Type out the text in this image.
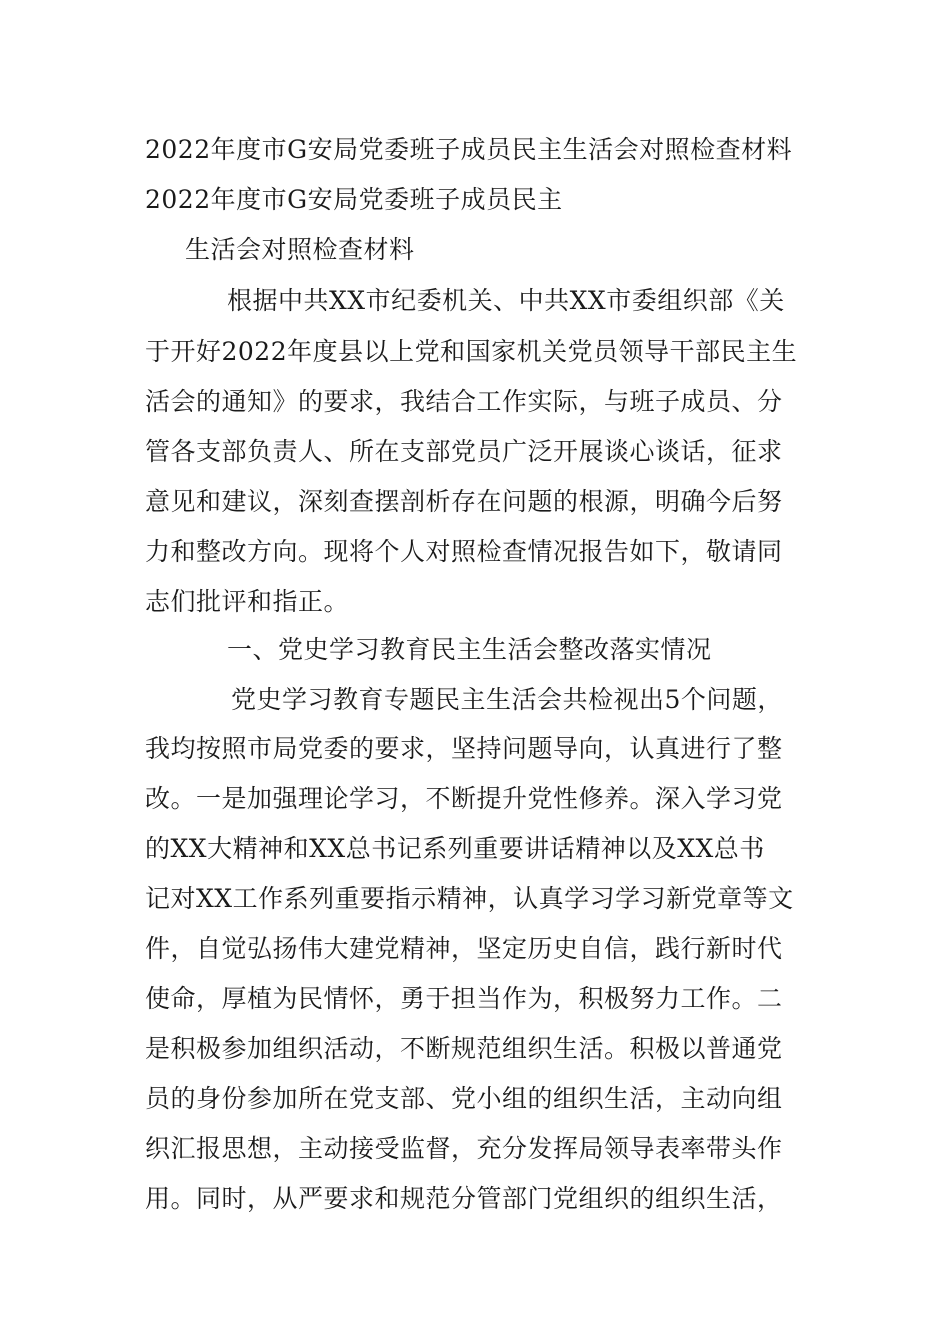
2022年度市G安局党委班子成员民主生活会对照检查材料
2022年度市G安局党委班子成员民主
生活会对照检查材料
根据中共XX市纪委机关、中共XX市委组织部《关
于开好2022年度县以上党和国家机关党员领导干部民主生
活会的通知》的要求，我结合工作实际，与班子成员、分
管各支部负责人、所在支部党员广泛开展谈心谈话，征求
意见和建议，深刻查摆剖析存在问题的根源，明确今后努
力和整改方向。现将个人对照检查情况报告如下，敬请同
志们批评和指正。
一、党史学习教育民主生活会整改落实情况
党史学习教育专题民主生活会共检视出5个问题，
我均按照市局党委的要求，坚持问题导向，认真进行了整
改。一是加强理论学习，不断提升党性修养。深入学习党
的XX大精神和XX总书记系列重要讲话精神以及XX总书
记对XX工作系列重要指示精神，认真学习学习新党章等文
件，自觉弘扬伟大建党精神，坚定历史自信，践行新时代
使命，厚植为民情怀，勇于担当作为，积极努力工作。二
是积极参加组织活动，不断规范组织生活。积极以普通党
员的身份参加所在党支部、党小组的组织生活，主动向组
织汇报思想，主动接受监督，充分发挥局领导表率带头作
用。同时，从严要求和规范分管部门党组织的组织生活，
